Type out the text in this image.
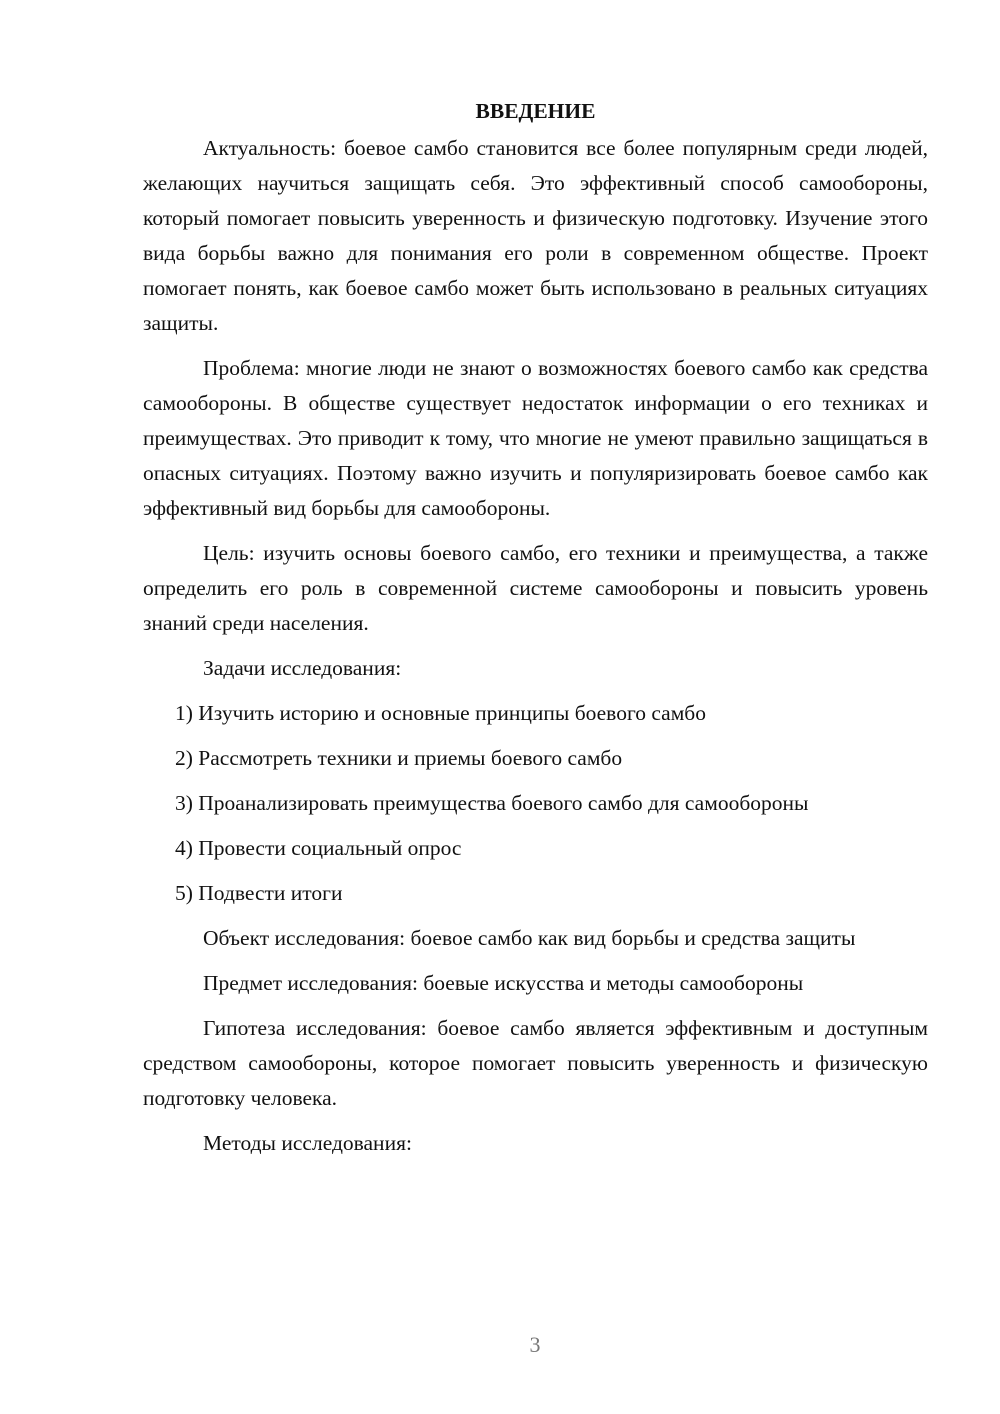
ВВЕДЕНИЕ

Актуальность: боевое самбо становится все более популярным среди людей, желающих научиться защищать себя. Это эффективный способ самообороны, который помогает повысить уверенность и физическую подготовку. Изучение этого вида борьбы важно для понимания его роли в современном обществе. Проект помогает понять, как боевое самбо может быть использовано в реальных ситуациях защиты.

Проблема: многие люди не знают о возможностях боевого самбо как средства самообороны. В обществе существует недостаток информации о его техниках и преимуществах. Это приводит к тому, что многие не умеют правильно защищаться в опасных ситуациях. Поэтому важно изучить и популяризировать боевое самбо как эффективный вид борьбы для самообороны.

Цель: изучить основы боевого самбо, его техники и преимущества, а также определить его роль в современной системе самообороны и повысить уровень знаний среди населения.

Задачи исследования:

1) Изучить историю и основные принципы боевого самбо
2) Рассмотреть техники и приемы боевого самбо
3) Проанализировать преимущества боевого самбо для самообороны
4) Провести социальный опрос
5) Подвести итоги

Объект исследования: боевое самбо как вид борьбы и средства защиты

Предмет исследования: боевые искусства и методы самообороны

Гипотеза исследования: боевое самбо является эффективным и доступным средством самообороны, которое помогает повысить уверенность и физическую подготовку человека.

Методы исследования:

3
